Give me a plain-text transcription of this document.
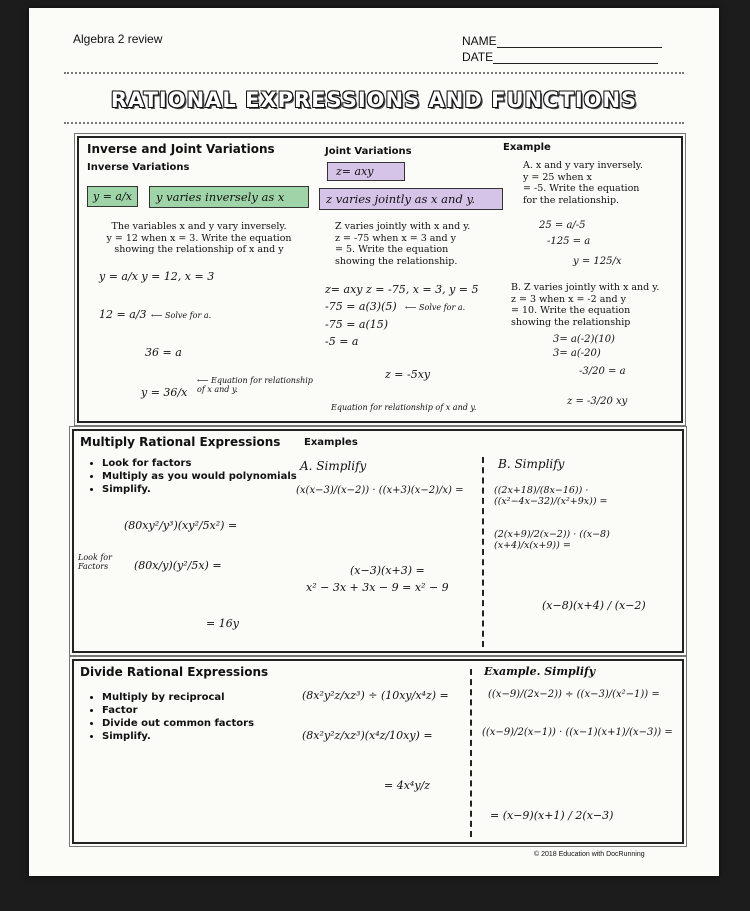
Algebra 2 review	NAME
DATE
RATIONAL EXPRESSIONS AND FUNCTIONS
Inverse and Joint Variations
Inverse Variations
y = a/x	y varies inversely as x
The variables x and y vary inversely.
y = 12 when x = 3. Write the equation
showing the relationship of x and y
y = a/x y = 12, x = 3
12 = a/3 ⟵ Solve for a.
36 = a
y = 36/x
⟵ Equation for relationship of x and y.
Joint Variations
z= axy
z varies jointly as x and y.
Z varies jointly with x and y.
z = -75 when x = 3 and y
= 5. Write the equation
showing the relationship.
z= axy z = -75, x = 3, y = 5
-75 = a(3)(5) ⟵ Solve for a.
-75 = a(15)
-5 = a
z = -5xy
Equation for relationship of x and y.
Example
A. x and y vary inversely.
y = 25 when x
= -5. Write the equation
for the relationship.
25 = a/-5
-125 = a
y = 125/x
B. Z varies jointly with x and y.
z = 3 when x = -2 and y
= 10. Write the equation
showing the relationship
3= a(-2)(10)
3= a(-20)
-3/20 = a
z = -3/20 xy
Multiply Rational Expressions Examples
• Look for factors
• Multiply as you would polynomials
• Simplify.
(80xy²/y³)(xy²/5x²) =
Look for Factors	(80x/y)(y²/5x) =
= 16y
A. Simplify
(x(x−3)/(x−2)) · ((x+3)(x−2)/x) =
(x−3)(x+3) =
x² − 3x + 3x − 9 = x² − 9
B. Simplify
((2x+18)/(8x−16)) · ((x²−4x−32)/(x²+9x)) =
(2(x+9)/2(x−2)) · ((x−8)(x+4)/x(x+9)) =
(x−8)(x+4) / (x−2)
Divide Rational Expressions
• Multiply by reciprocal
• Factor
• Divide out common factors
• Simplify.
(8x²y²z/xz³) ÷ (10xy/x⁴z) =
(8x²y²z/xz³)(x⁴z/10xy) =
= 4x⁴y/z
Example. Simplify
((x−9)/(2x−2)) ÷ ((x−3)/(x²−1)) =
((x−9)/2(x−1)) · ((x−1)(x+1)/(x−3)) =
= (x−9)(x+1) / 2(x−3)
© 2018 Education with DocRunning
